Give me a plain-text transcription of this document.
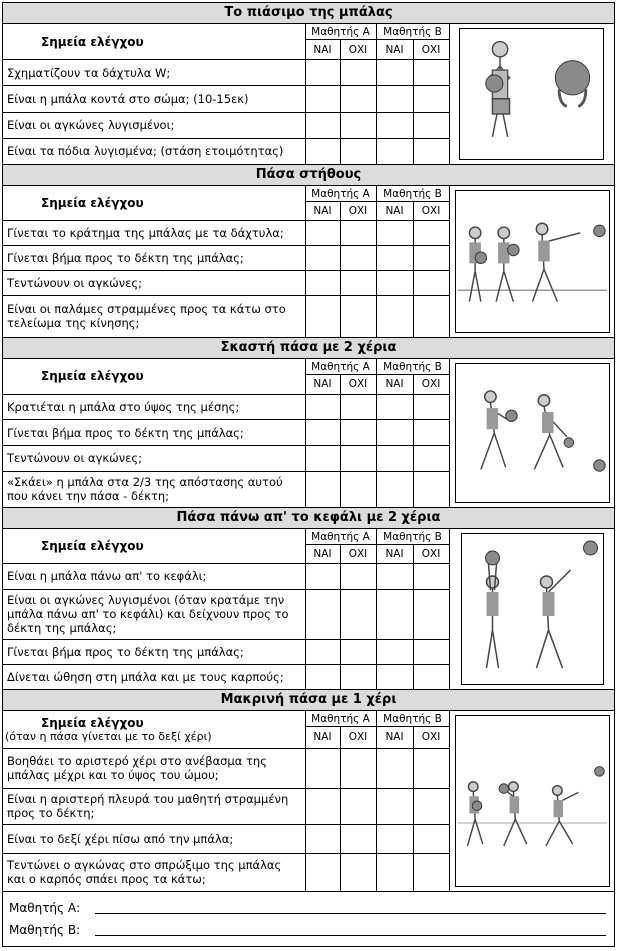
Το πιάσιμο της μπάλας
Σημεία ελέγχου	Μαθητής Α		Μαθητής Β	
	ΝΑΙ	ΟΧΙ	ΝΑΙ	ΟΧΙ
Σχηματίζουν τα δάχτυλα W;				
Είναι η μπάλα κοντά στο σώμα; (10-15εκ)				
Είναι οι αγκώνες λυγισμένοι;				
Είναι τα πόδια λυγισμένα; (στάση ετοιμότητας)				
Πάσα στήθους
Σημεία ελέγχου	Μαθητής Α		Μαθητής Β	
	ΝΑΙ	ΟΧΙ	ΝΑΙ	ΟΧΙ
Γίνεται το κράτημα της μπάλας με τα δάχτυλα;				
Γίνεται βήμα προς το δέκτη της μπάλας;				
Τεντώνουν οι αγκώνες;				
Είναι οι παλάμες στραμμένες προς τα κάτω στο τελείωμα της κίνησης;				
Σκαστή πάσα με 2 χέρια
Σημεία ελέγχου	Μαθητής Α		Μαθητής Β	
	ΝΑΙ	ΟΧΙ	ΝΑΙ	ΟΧΙ
Κρατιέται η μπάλα στο ύψος της μέσης;				
Γίνεται βήμα προς το δέκτη της μπάλας;				
Τεντώνουν οι αγκώνες;				
«Σκάει» η μπάλα στα 2/3 της απόστασης αυτού που κάνει την πάσα - δέκτη;				
Πάσα πάνω απ' το κεφάλι με 2 χέρια
Σημεία ελέγχου	Μαθητής Α		Μαθητής Β	
	ΝΑΙ	ΟΧΙ	ΝΑΙ	ΟΧΙ
Είναι η μπάλα πάνω απ' το κεφάλι;				
Είναι οι αγκώνες λυγισμένοι (όταν κρατάμε την μπάλα πάνω απ' το κεφάλι) και δείχνουν προς το δέκτη της μπάλας;				
Γίνεται βήμα προς το δέκτη της μπάλας;				
Δίνεται ώθηση στη μπάλα και με τους καρπούς;				
Μακρινή πάσα με 1 χέρι
Σημεία ελέγχου
(όταν η πάσα γίνεται με το δεξί χέρι)	Μαθητής Α		Μαθητής Β	
	ΝΑΙ	ΟΧΙ	ΝΑΙ	ΟΧΙ
Βοηθάει το αριστερό χέρι στο ανέβασμα της μπάλας μέχρι και το ύψος του ώμου;				
Είναι η αριστερή πλευρά του μαθητή στραμμένη προς το δέκτη;				
Είναι το δεξί χέρι πίσω από την μπάλα;				
Τεντώνει ο αγκώνας στο σπρώξιμο της μπάλας και ο καρπός σπάει προς τα κάτω;				
Μαθητής Α:
Μαθητής Β:
